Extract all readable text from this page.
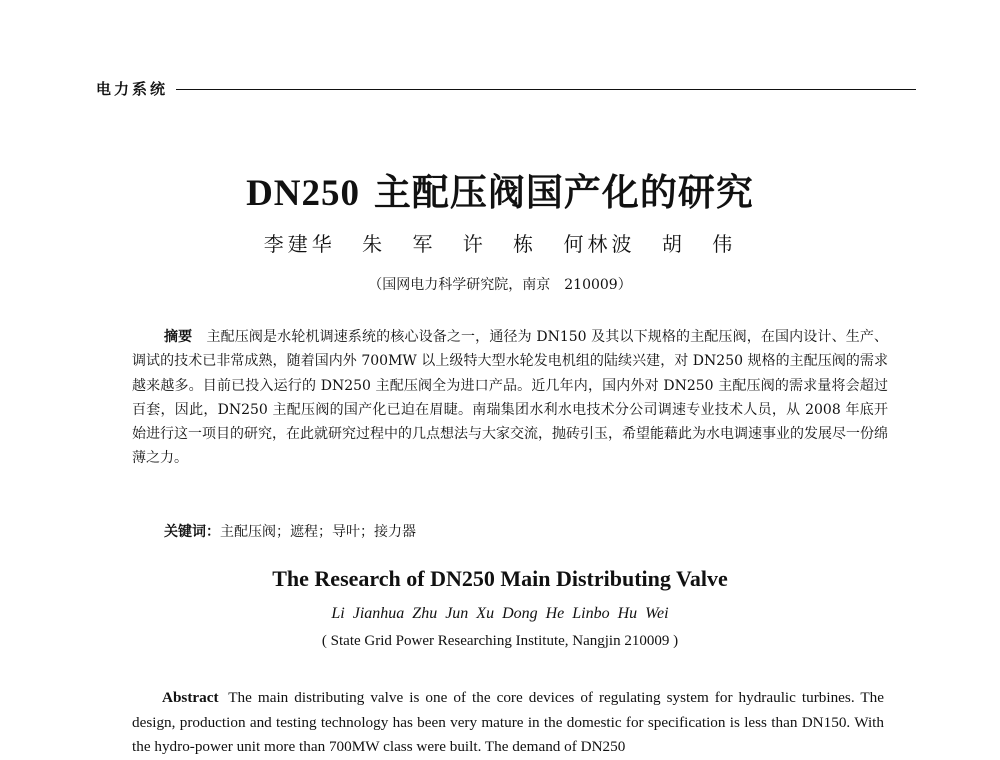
电力系统
DN250 主配压阀国产化的研究
李建华 朱 军 许 栋 何林波 胡 伟
（国网电力科学研究院，南京　210009）
摘要　 主配压阀是水轮机调速系统的核心设备之一，通径为 DN150 及其以下规格的主配压阀，在国内设计、生产、调试的技术已非常成熟，随着国内外 700MW 以上级特大型水轮发电机组的陆续兴建，对 DN250 规格的主配压阀的需求越来越多。目前已投入运行的 DN250 主配压阀全为进口产品。近几年内，国内外对 DN250 主配压阀的需求量将会超过百套，因此，DN250 主配压阀的国产化已迫在眉睫。南瑞集团水利水电技术分公司调速专业技术人员，从 2008 年底开始进行这一项目的研究，在此就研究过程中的几点想法与大家交流，抛砖引玉，希望能藉此为水电调速事业的发展尽一份绵薄之力。
关键词：主配压阀；遮程；导叶；接力器
The Research of DN250 Main Distributing Valve
Li Jianhua Zhu Jun Xu Dong He Linbo Hu Wei
( State Grid Power Researching Institute, Nangjin 210009 )
Abstract The main distributing valve is one of the core devices of regulating system for hydraulic turbines. The design, production and testing technology has been very mature in the domestic for specification is less than DN150. With the hydro-power unit more than 700MW class were built. The demand of DN250
